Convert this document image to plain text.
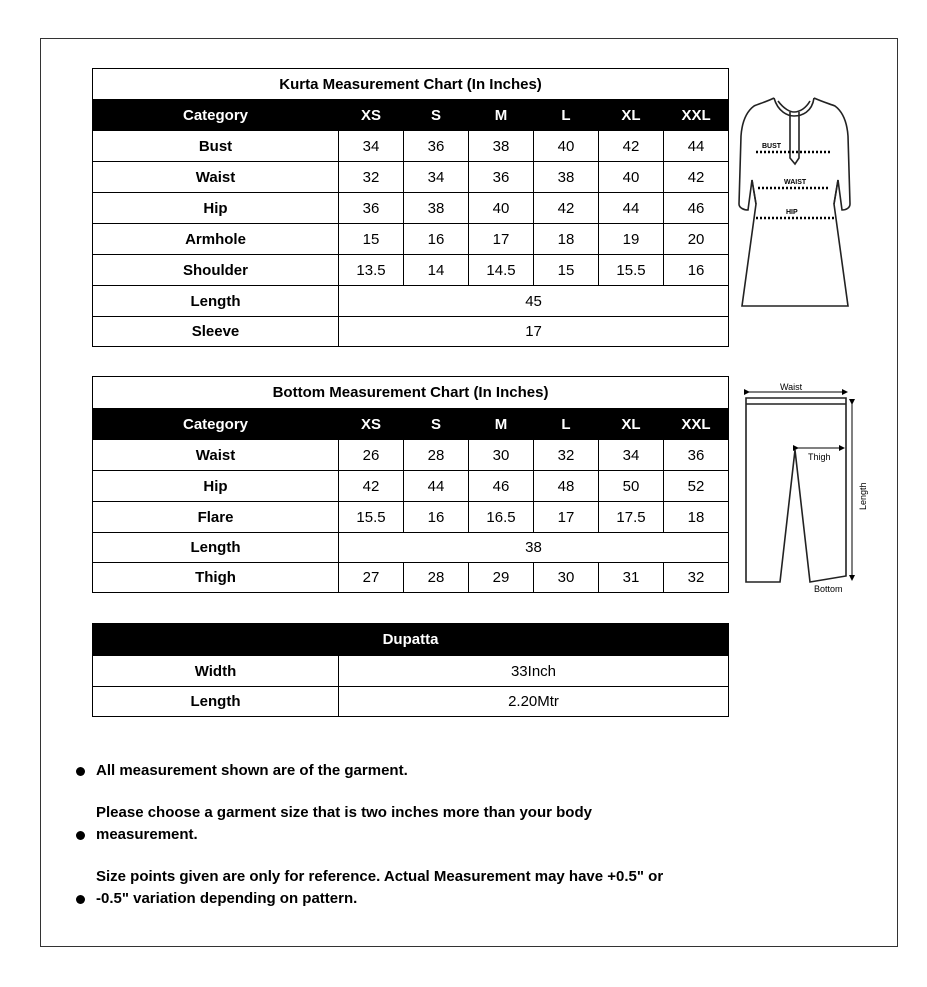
Kurta Measurement Chart (In Inches)						
Category	XS	S	M	L	XL	XXL
Bust	34	36	38	40	42	44
Waist	32	34	36	38	40	42
Hip	36	38	40	42	44	46
Armhole	15	16	17	18	19	20
Shoulder	13.5	14	14.5	15	15.5	16
Length	45					
Sleeve	17					
BUST
WAIST
HIP
Bottom Measurement Chart (In Inches)						
Category	XS	S	M	L	XL	XXL
Waist	26	28	30	32	34	36
Hip	42	44	46	48	50	52
Flare	15.5	16	16.5	17	17.5	18
Length	38					
Thigh	27	28	29	30	31	32
Waist
Thigh
Length
Bottom
Dupatta	
Width	33Inch
Length	2.20Mtr
All measurement shown are of the garment.
Please choose a garment size that is two inches more than your body
measurement.
Size points given are only for reference. Actual Measurement may have +0.5" or
-0.5" variation depending on pattern.
